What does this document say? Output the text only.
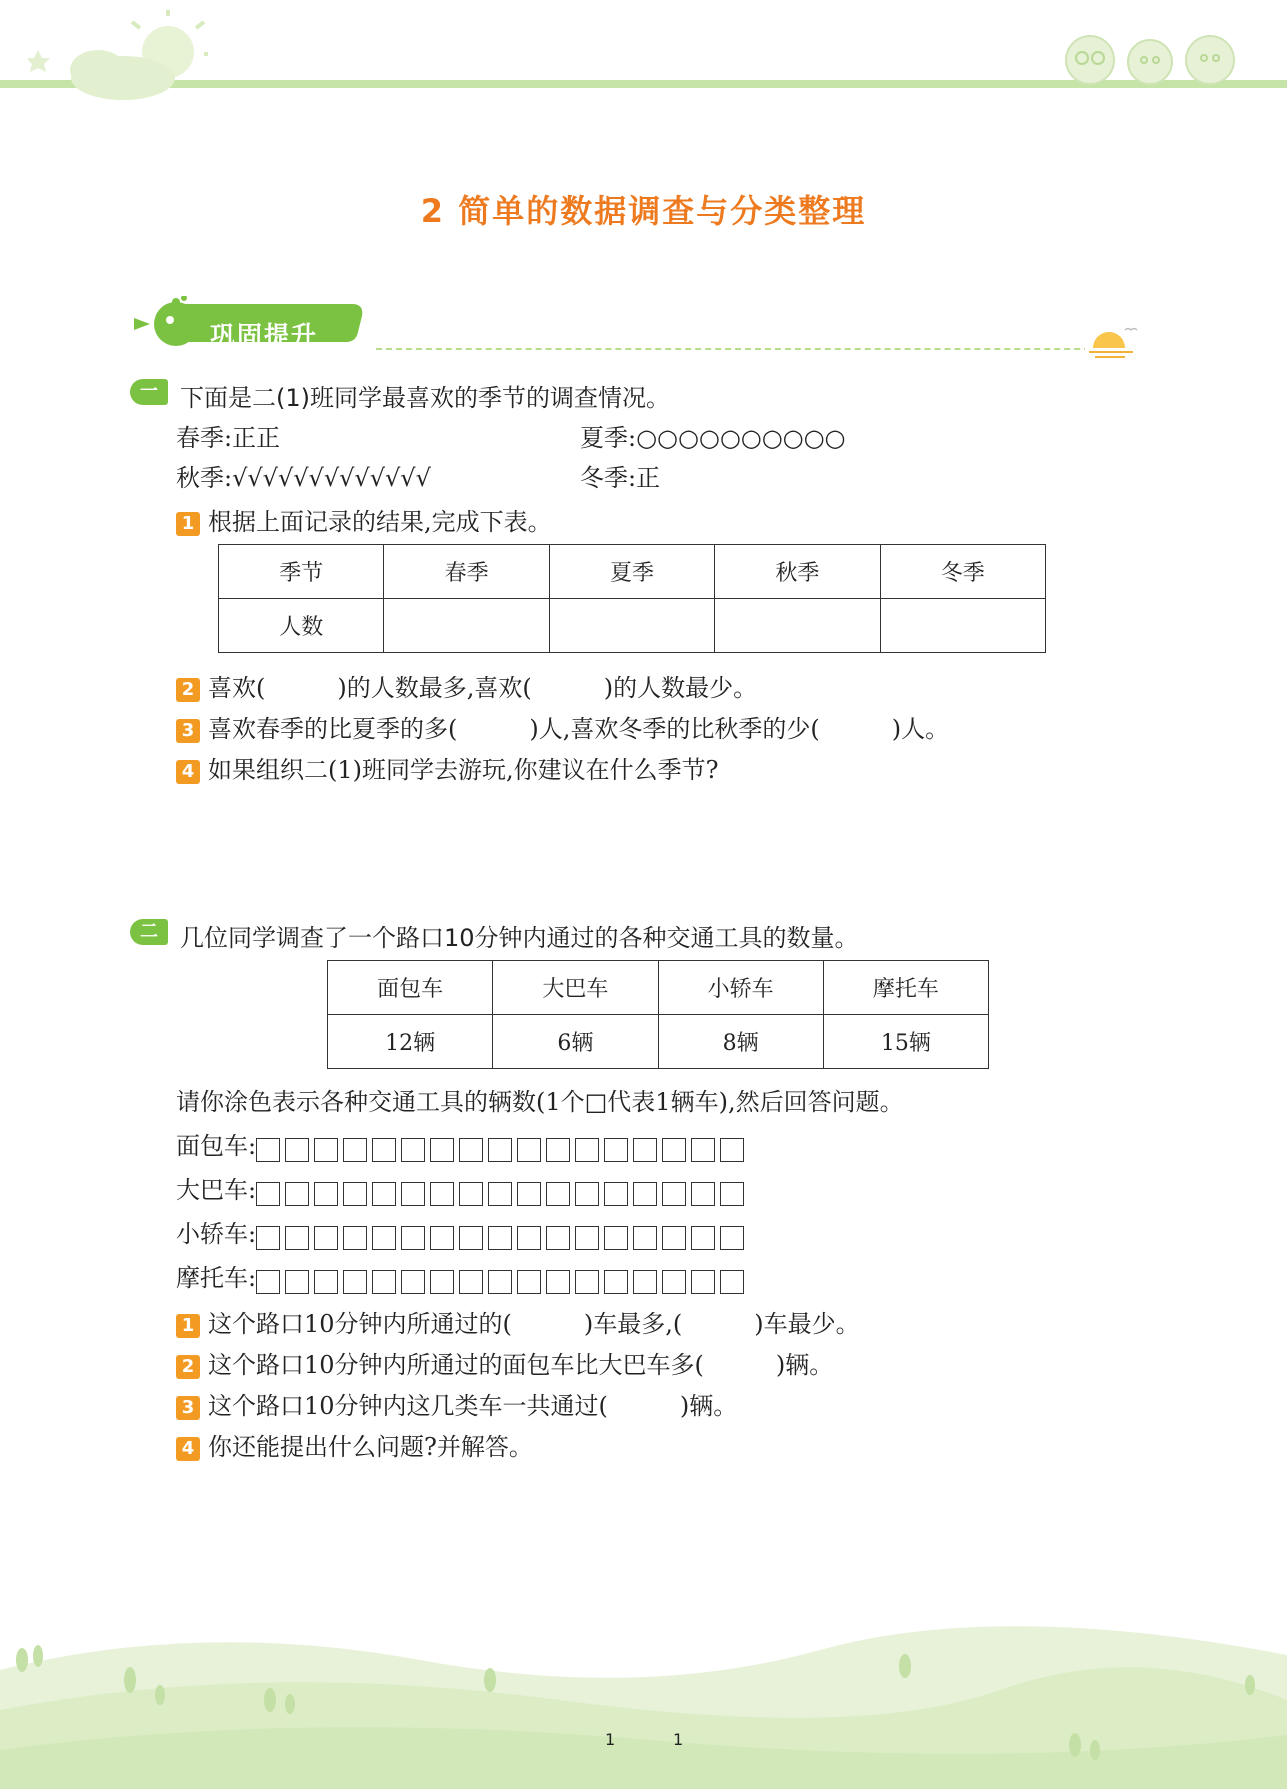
2 简单的数据调查与分类整理
巩固提升
一 下面是二(1)班同学最喜欢的季节的调查情况。
春季:正正	夏季:○○○○○○○○○○
秋季:√√√√√√√√√√√√√	冬季:正
1 根据上面记录的结果,完成下表。
季节	春季	夏季	秋季	冬季
人数				
2 喜欢(　　　)的人数最多,喜欢(　　　)的人数最少。
3 喜欢春季的比夏季的多(　　　)人,喜欢冬季的比秋季的少(　　　)人。
4 如果组织二(1)班同学去游玩,你建议在什么季节?
二 几位同学调查了一个路口10分钟内通过的各种交通工具的数量。
面包车	大巴车	小轿车	摩托车
12辆	6辆	8辆	15辆
请你涂色表示各种交通工具的辆数(1个□代表1辆车),然后回答问题。
面包车:
大巴车:
小轿车:
摩托车:
1 这个路口10分钟内所通过的(　　　)车最多,(　　　)车最少。
2 这个路口10分钟内所通过的面包车比大巴车多(　　　)辆。
3 这个路口10分钟内这几类车一共通过(　　　)辆。
4 你还能提出什么问题?并解答。
1	1
